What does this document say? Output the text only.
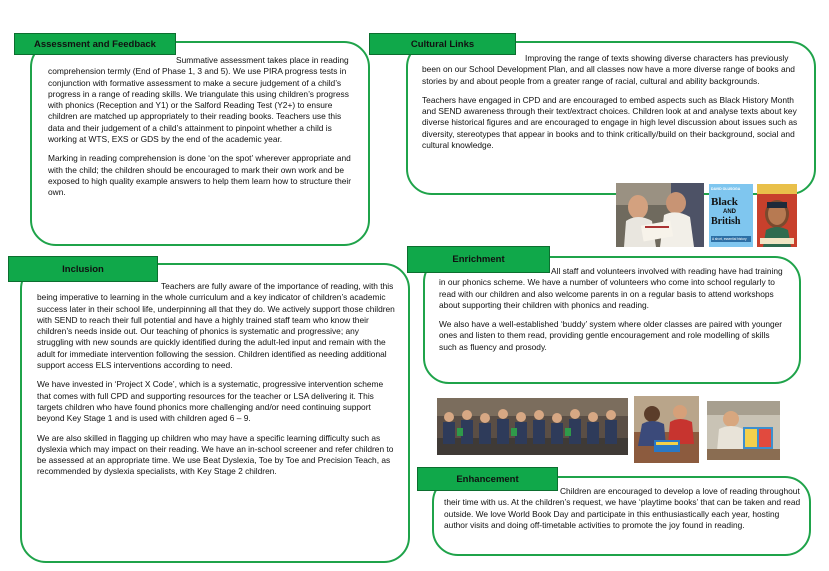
Assessment and Feedback

Summative assessment takes place in reading comprehension termly (End of Phase 1, 3 and 5). We use PIRA progress tests in conjunction with formative assessment to make a secure judgement of a child’s progress in a range of reading skills. We triangulate this using children’s progress with phonics (Reception and Y1) or the Salford Reading Test (Y2+) to ensure children are matched up appropriately to their reading books. Teachers use this data and their judgement of a child’s attainment to pinpoint whether a child is working at WTS, EXS or GDS by the end of the academic year.

Marking in reading comprehension is done ‘on the spot’ wherever appropriate and with the child; the children should be encouraged to mark their own work and be exposed to high quality example answers to help them learn how to structure their own.

Cultural Links

Improving the range of texts showing diverse characters has previously been on our School Development Plan, and all classes now have a more diverse range of books and stories by and about people from a greater range of racial, cultural and ability backgrounds.

Teachers have engaged in CPD and are encouraged to embed aspects such as Black History Month and SEND awareness through their text/extract choices. Children look at and analyse texts about key diverse historical figures and are encouraged to engage in high level discussion about issues such as diversity, stereotypes that appear in books and to think critically/build on their background, social and cultural knowledge.

DAVID OLUSOGA
Black
AND
British
A short, essential history
Inclusion

Teachers are fully aware of the importance of reading, with this being imperative to learning in the whole curriculum and a key indicator of children’s academic success later in their school life, underpinning all that they do. We actively support those children with SEND to reach their full potential and have a highly trained staff team who know their children’s needs inside out. Our teaching of phonics is systematic and progressive; any struggling with new sounds are quickly identified during the adult-led input and remain with the adult for immediate intervention following the session. Children identified as needing additional support access ELS interventions according to need.

We have invested in ‘Project X Code’, which is a systematic, progressive intervention scheme that comes with full CPD and supporting resources for the teacher or LSA delivering it. This targets children who have found phonics more challenging and/or need continuing support beyond Key Stage 1 and is used with children aged 6 – 9.

We are also skilled in flagging up children who may have a specific learning difficulty such as dyslexia which may impact on their reading. We have an in-school screener and refer children to be assessed at an appropriate time. We use Beat Dyslexia, Toe by Toe and Precision Teach, as recommended by dyslexia specialists, with Key Stage 2 children.

Enrichment

All staff and volunteers involved with reading have had training in our phonics scheme. We have a number of volunteers who come into school regularly to read with our children and also welcome parents in on a regular basis to attend workshops about supporting their children with phonics and reading.

We also have a well-established ‘buddy’ system where older classes are paired with younger ones and listen to them read, providing gentle encouragement and role modelling of skills such as fluency and prosody.

Enhancement

Children are encouraged to develop a love of reading throughout their time with us. At the children’s request, we have ‘playtime books’ that can be taken and read outside. We love World Book Day and participate in this enthusiastically each year, hosting author visits and doing off-timetable activities to promote the joy found in reading.
